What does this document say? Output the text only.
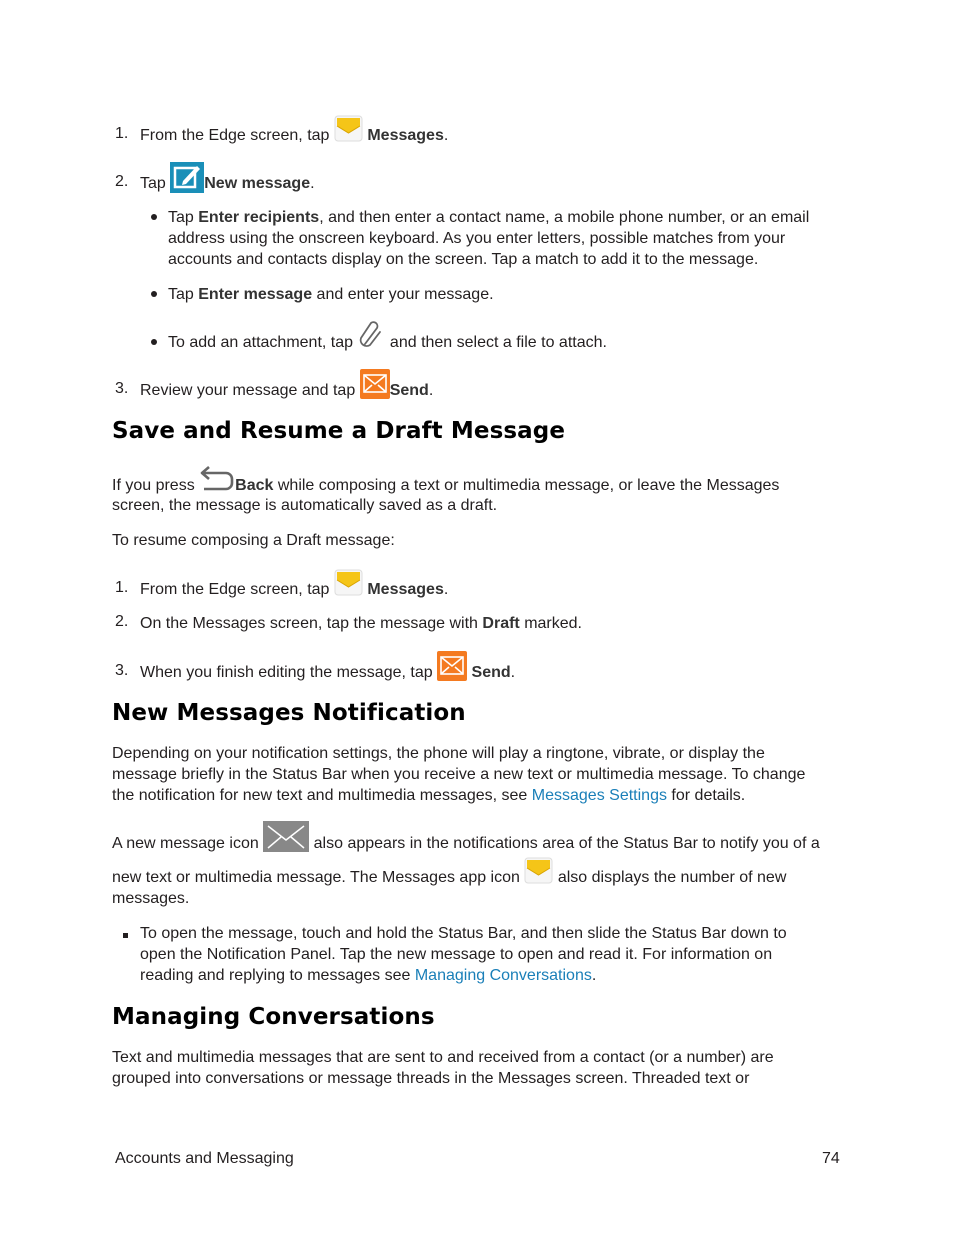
1. From the Edge screen, tap Messages.
2. Tap New message.
Tap Enter recipients, and then enter a contact name, a mobile phone number, or an email
address using the onscreen keyboard. As you enter letters, possible matches from your
accounts and contacts display on the screen. Tap a match to add it to the message.
Tap Enter message and enter your message.
To add an attachment, tap and then select a file to attach.
3. Review your message and tap Send.
Save and Resume a Draft Message
If you press	Back while composing a text or multimedia message, or leave the Messages
screen, the message is automatically saved as a draft.
To resume composing a Draft message:
1. From the Edge screen, tap Messages.
2. On the Messages screen, tap the message with Draft marked.
3. When you finish editing the message, tap Send.
New Messages Notification
Depending on your notification settings, the phone will play a ringtone, vibrate, or display the
message briefly in the Status Bar when you receive a new text or multimedia message. To change
the notification for new text and multimedia messages, see Messages Settings for details.
A new message icon	also appears in the notifications area of the Status Bar to notify you of a
new text or multimedia message. The Messages app icon also displays the number of new
messages.
To open the message, touch and hold the Status Bar, and then slide the Status Bar down to
open the Notification Panel. Tap the new message to open and read it. For information on
reading and replying to messages see Managing Conversations.
Managing Conversations
Text and multimedia messages that are sent to and received from a contact (or a number) are
grouped into conversations or message threads in the Messages screen. Threaded text or
Accounts and Messaging	74
